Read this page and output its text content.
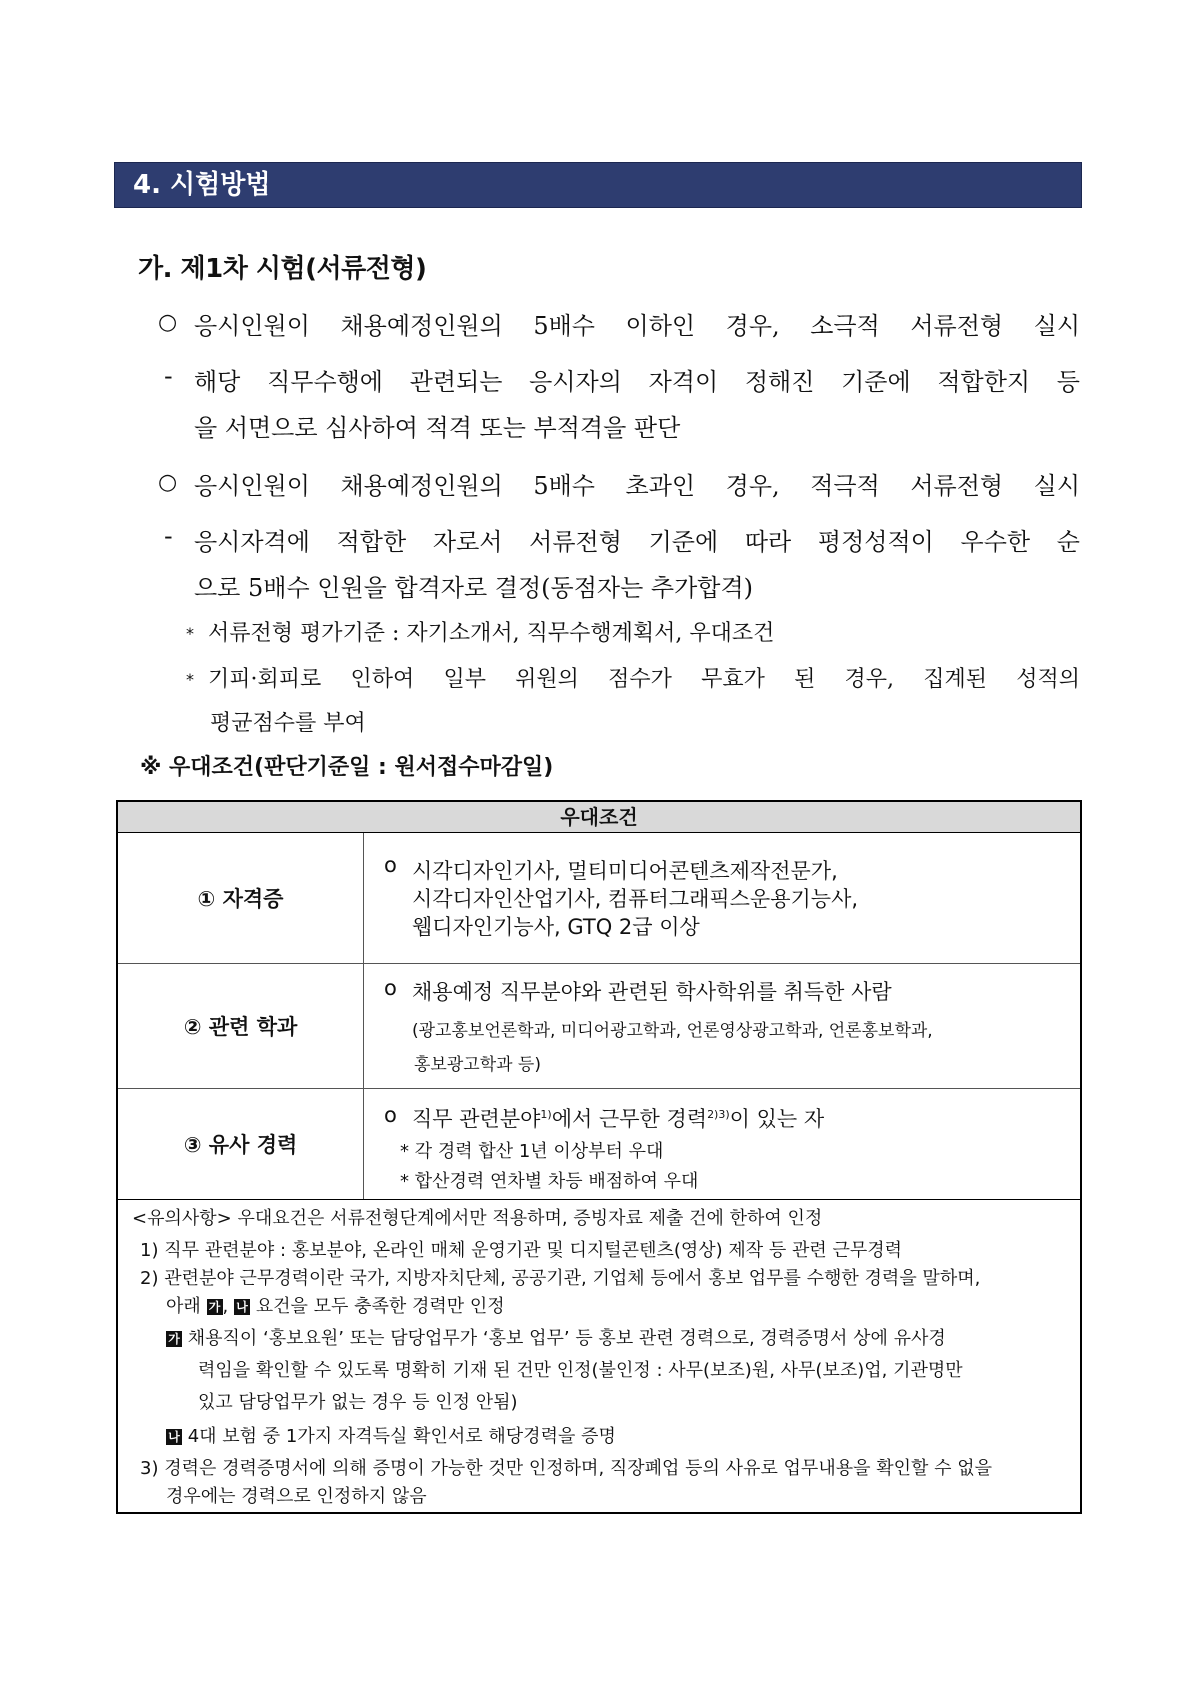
4. 시험방법
가. 제1차 시험(서류전형)
○ 응시인원이 채용예정인원의 5배수 이하인 경우, 소극적 서류전형 실시
- 해당 직무수행에 관련되는 응시자의 자격이 정해진 기준에 적합한지 등
을 서면으로 심사하여 적격 또는 부적격을 판단
○ 응시인원이 채용예정인원의 5배수 초과인 경우, 적극적 서류전형 실시
- 응시자격에 적합한 자로서 서류전형 기준에 따라 평정성적이 우수한 순
으로 5배수 인원을 합격자로 결정(동점자는 추가합격)
* 서류전형 평가기준 : 자기소개서, 직무수행계획서, 우대조건
* 기피·회피로 인하여 일부 위원의 점수가 무효가 된 경우, 집계된 성적의
평균점수를 부여
※ 우대조건(판단기준일 : 원서접수마감일)
우대조건
① 자격증
o 시각디자인기사, 멀티미디어콘텐츠제작전문가,
시각디자인산업기사, 컴퓨터그래픽스운용기능사,
웹디자인기능사, GTQ 2급 이상
② 관련 학과
o 채용예정 직무분야와 관련된 학사학위를 취득한 사람
(광고홍보언론학과, 미디어광고학과, 언론영상광고학과, 언론홍보학과,
홍보광고학과 등)
③ 유사 경력
o 직무 관련분야$^{1)}$에서 근무한 경력$^{2)3)}$이 있는 자
* 각 경력 합산 1년 이상부터 우대
* 합산경력 연차별 차등 배점하여 우대
<유의사항> 우대요건은 서류전형단계에서만 적용하며, 증빙자료 제출 건에 한하여 인정
1) 직무 관련분야 : 홍보분야, 온라인 매체 운영기관 및 디지털콘텐츠(영상) 제작 등 관련 근무경력
2) 관련분야 근무경력이란 국가, 지방자치단체, 공공기관, 기업체 등에서 홍보 업무를 수행한 경력을 말하며,
아래 가 , 나 요건을 모두 충족한 경력만 인정
가 채용직이 ‘홍보요원’ 또는 담당업무가 ‘홍보 업무’ 등 홍보 관련 경력으로, 경력증명서 상에 유사경
력임을 확인할 수 있도록 명확히 기재 된 건만 인정(불인정 : 사무(보조)원, 사무(보조)업, 기관명만
있고 담당업무가 없는 경우 등 인정 안됨)
나 4대 보험 중 1가지 자격득실 확인서로 해당경력을 증명
3) 경력은 경력증명서에 의해 증명이 가능한 것만 인정하며, 직장폐업 등의 사유로 업무내용을 확인할 수 없을
경우에는 경력으로 인정하지 않음
